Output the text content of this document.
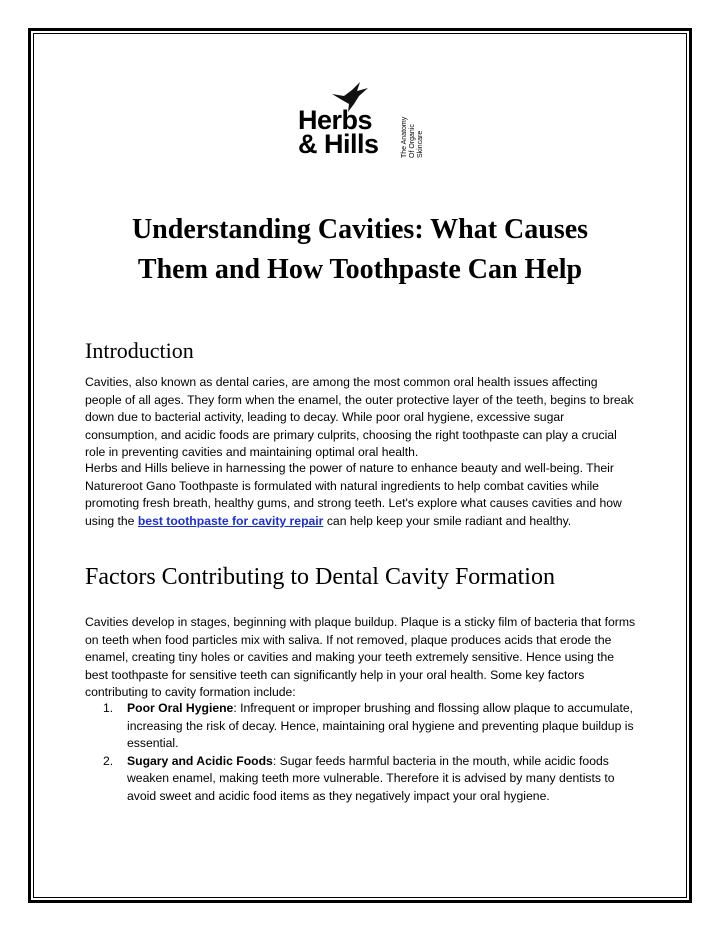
Herbs
& Hills	The Anatomy Of Organic Skincare
Understanding Cavities: What Causes
Them and How Toothpaste Can Help
Introduction

Cavities, also known as dental caries, are among the most common oral health issues affecting people of all ages. They form when the enamel, the outer protective layer of the teeth, begins to break down due to bacterial activity, leading to decay. While poor oral hygiene, excessive sugar consumption, and acidic foods are primary culprits, choosing the right toothpaste can play a crucial role in preventing cavities and maintaining optimal oral health.

Herbs and Hills believe in harnessing the power of nature to enhance beauty and well-being. Their Natureroot Gano Toothpaste is formulated with natural ingredients to help combat cavities while promoting fresh breath, healthy gums, and strong teeth. Let's explore what causes cavities and how using the best toothpaste for cavity repair can help keep your smile radiant and healthy.

Factors Contributing to Dental Cavity Formation

Cavities develop in stages, beginning with plaque buildup. Plaque is a sticky film of bacteria that forms on teeth when food particles mix with saliva. If not removed, plaque produces acids that erode the enamel, creating tiny holes or cavities and making your teeth extremely sensitive. Hence using the best toothpaste for sensitive teeth can significantly help in your oral health. Some key factors contributing to cavity formation include:

1. Poor Oral Hygiene: Infrequent or improper brushing and flossing allow plaque to accumulate, increasing the risk of decay. Hence, maintaining oral hygiene and preventing plaque buildup is essential.
2. Sugary and Acidic Foods: Sugar feeds harmful bacteria in the mouth, while acidic foods weaken enamel, making teeth more vulnerable. Therefore it is advised by many dentists to avoid sweet and acidic food items as they negatively impact your oral hygiene.
